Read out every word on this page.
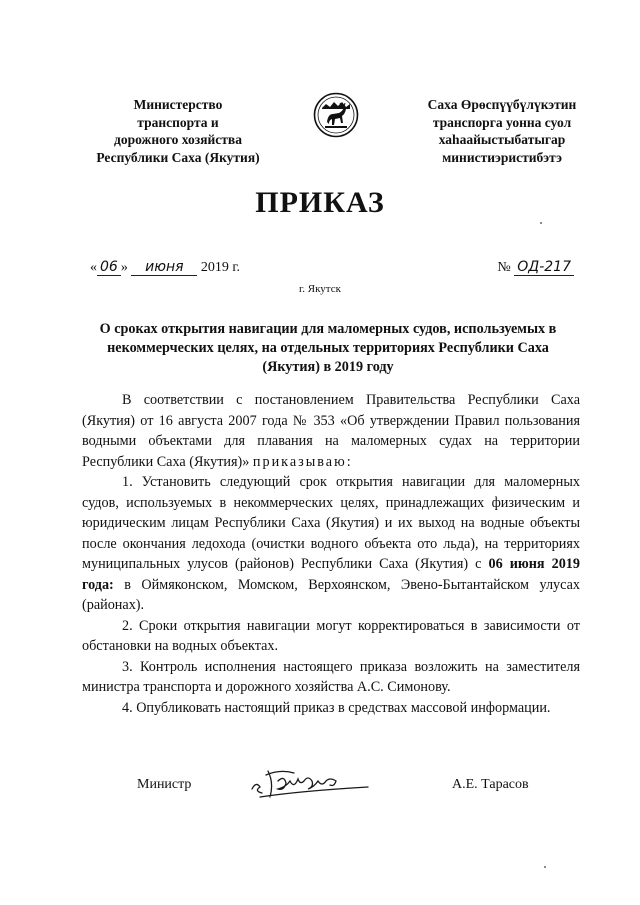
Министерство
транспорта и
дорожного хозяйства
Республики Саха (Якутия)
Саха Өрөспүүбүлүкэтин
транспорга уонна суол
хаһаайыстыбатыгар
министиэристибэтэ
ПРИКАЗ
« 06 » июня 2019 г.	№ ОД-217
г. Якутск
О сроках открытия навигации для маломерных судов, используемых в некоммерческих целях, на отдельных территориях Республики Саха (Якутия) в 2019 году

В соответствии с постановлением Правительства Республики Саха (Якутия) от 16 августа 2007 года № 353 «Об утверждении Правил пользования водными объектами для плавания на маломерных судах на территории Республики Саха (Якутия)» приказываю:

1. Установить следующий срок открытия навигации для маломерных судов, используемых в некоммерческих целях, принадлежащих физическим и юридическим лицам Республики Саха (Якутия) и их выход на водные объекты после окончания ледохода (очистки водного объекта ото льда), на территориях муниципальных улусов (районов) Республики Саха (Якутия) с 06 июня 2019 года: в Оймяконском, Момском, Верхоянском, Эвено-Бытантайском улусах (районах).

2. Сроки открытия навигации могут корректироваться в зависимости от обстановки на водных объектах.

3. Контроль исполнения настоящего приказа возложить на заместителя министра транспорта и дорожного хозяйства А.С. Симонову.

4. Опубликовать настоящий приказ в средствах массовой информации.

Министр	А.Е. Тарасов
